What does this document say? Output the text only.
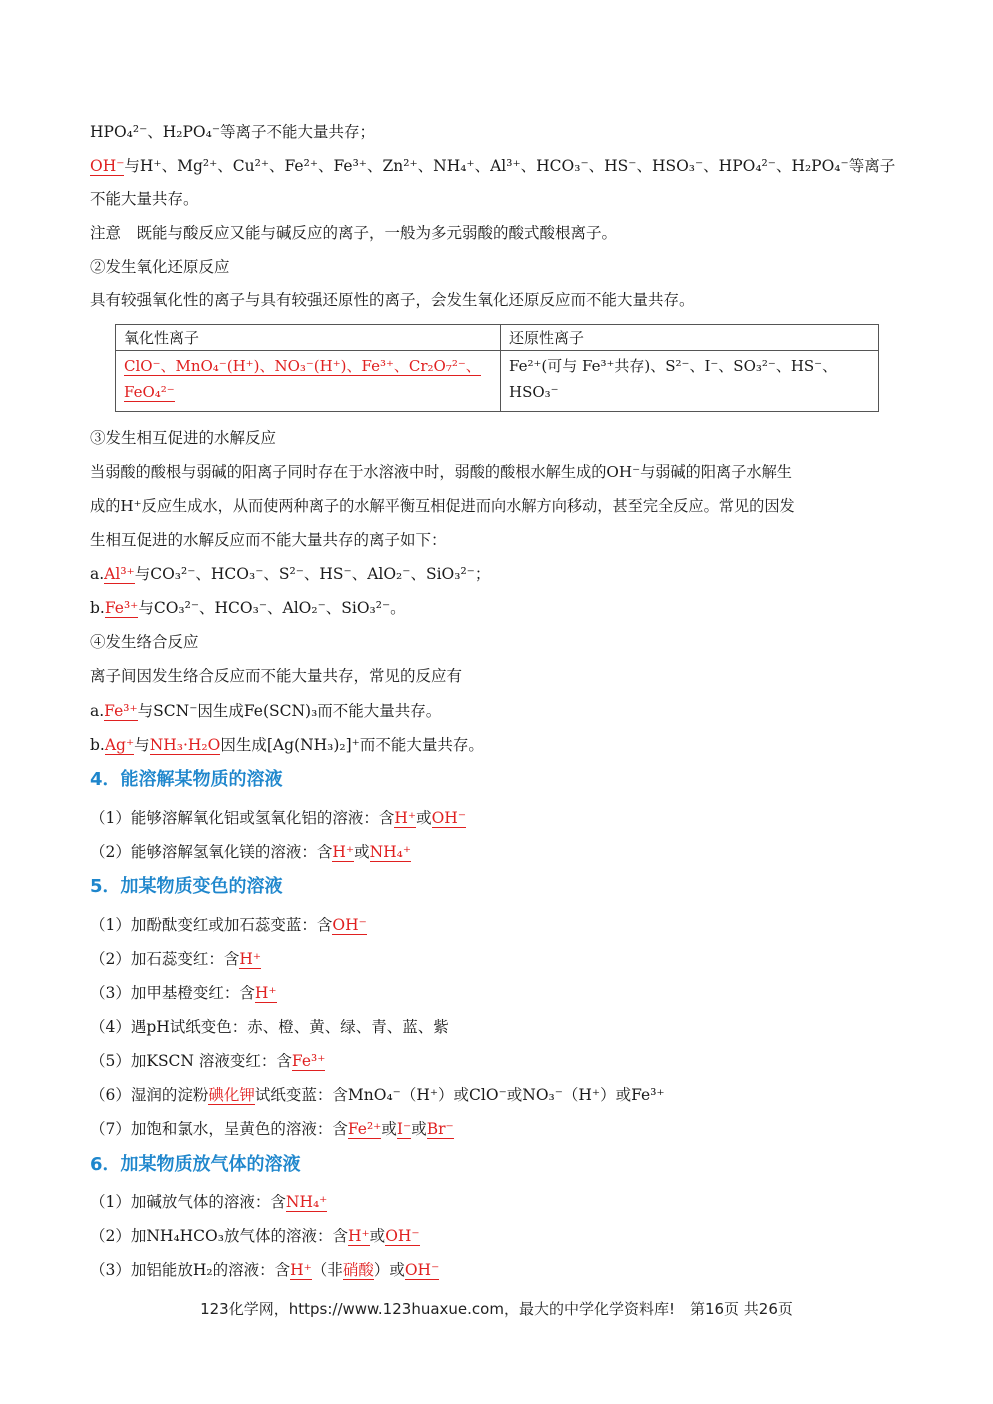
HPO₄²⁻、H₂PO₄⁻等离子不能大量共存；
OH⁻与H⁺、Mg²⁺、Cu²⁺、Fe²⁺、Fe³⁺、Zn²⁺、NH₄⁺、Al³⁺、HCO₃⁻、HS⁻、HSO₃⁻、HPO₄²⁻、H₂PO₄⁻等离子
不能大量共存。
注意　既能与酸反应又能与碱反应的离子，一般为多元弱酸的酸式酸根离子。
②发生氧化还原反应
具有较强氧化性的离子与具有较强还原性的离子，会发生氧化还原反应而不能大量共存。
氧化性离子	还原性离子
ClO⁻、MnO₄⁻(H⁺)、NO₃⁻(H⁺)、Fe³⁺、Cr₂O₇²⁻、FeO₄²⁻	Fe²⁺(可与 Fe³⁺共存)、S²⁻、I⁻、SO₃²⁻、HS⁻、HSO₃⁻
③发生相互促进的水解反应
当弱酸的酸根与弱碱的阳离子同时存在于水溶液中时，弱酸的酸根水解生成的OH⁻与弱碱的阳离子水解生
成的H⁺反应生成水，从而使两种离子的水解平衡互相促进而向水解方向移动，甚至完全反应。常见的因发
生相互促进的水解反应而不能大量共存的离子如下：
a.Al³⁺与CO₃²⁻、HCO₃⁻、S²⁻、HS⁻、AlO₂⁻、SiO₃²⁻；
b.Fe³⁺与CO₃²⁻、HCO₃⁻、AlO₂⁻、SiO₃²⁻。
④发生络合反应
离子间因发生络合反应而不能大量共存，常见的反应有
a.Fe³⁺与SCN⁻因生成Fe(SCN)₃而不能大量共存。
b.Ag⁺与NH₃·H₂O因生成[Ag(NH₃)₂]⁺而不能大量共存。
4．能溶解某物质的溶液
（1）能够溶解氧化铝或氢氧化铝的溶液：含H⁺或OH⁻
（2）能够溶解氢氧化镁的溶液：含H⁺或NH₄⁺
5．加某物质变色的溶液
（1）加酚酞变红或加石蕊变蓝：含OH⁻
（2）加石蕊变红：含H⁺
（3）加甲基橙变红：含H⁺
（4）遇pH试纸变色：赤、橙、黄、绿、青、蓝、紫
（5）加KSCN 溶液变红：含Fe³⁺
（6）湿润的淀粉碘化钾试纸变蓝：含MnO₄⁻（H⁺）或ClO⁻或NO₃⁻（H⁺）或Fe³⁺
（7）加饱和氯水，呈黄色的溶液：含Fe²⁺或I⁻或Br⁻
6．加某物质放气体的溶液
（1）加碱放气体的溶液：含NH₄⁺
（2）加NH₄HCO₃放气体的溶液：含H⁺或OH⁻
（3）加铝能放H₂的溶液：含H⁺（非硝酸）或OH⁻
123化学网，https://www.123huaxue.com，最大的中学化学资料库!　第16页 共26页
